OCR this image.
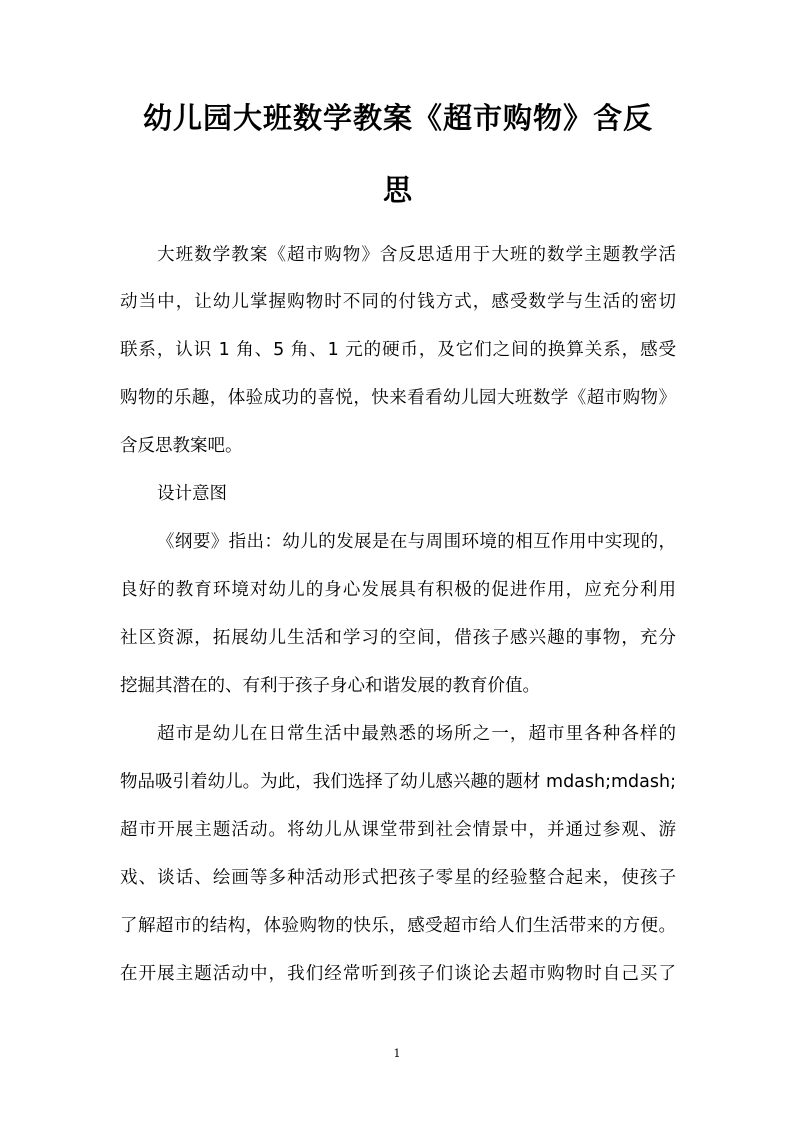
幼儿园大班数学教案《超市购物》含反
思
大班数学教案《超市购物》含反思适用于大班的数学主题教学活
动当中，让幼儿掌握购物时不同的付钱方式，感受数学与生活的密切
联系，认识 1 角、5 角、1 元的硬币，及它们之间的换算关系，感受
购物的乐趣，体验成功的喜悦，快来看看幼儿园大班数学《超市购物》
含反思教案吧。
设计意图
《纲要》指出：幼儿的发展是在与周围环境的相互作用中实现的，
良好的教育环境对幼儿的身心发展具有积极的促进作用，应充分利用
社区资源，拓展幼儿生活和学习的空间，借孩子感兴趣的事物，充分
挖掘其潜在的、有利于孩子身心和谐发展的教育价值。
超市是幼儿在日常生活中最熟悉的场所之一，超市里各种各样的
物品吸引着幼儿。为此，我们选择了幼儿感兴趣的题材 mdash;mdash;
超市开展主题活动。将幼儿从课堂带到社会情景中，并通过参观、游
戏、谈话、绘画等多种活动形式把孩子零星的经验整合起来，使孩子
了解超市的结构，体验购物的快乐，感受超市给人们生活带来的方便。
在开展主题活动中，我们经常听到孩子们谈论去超市购物时自己买了
1
